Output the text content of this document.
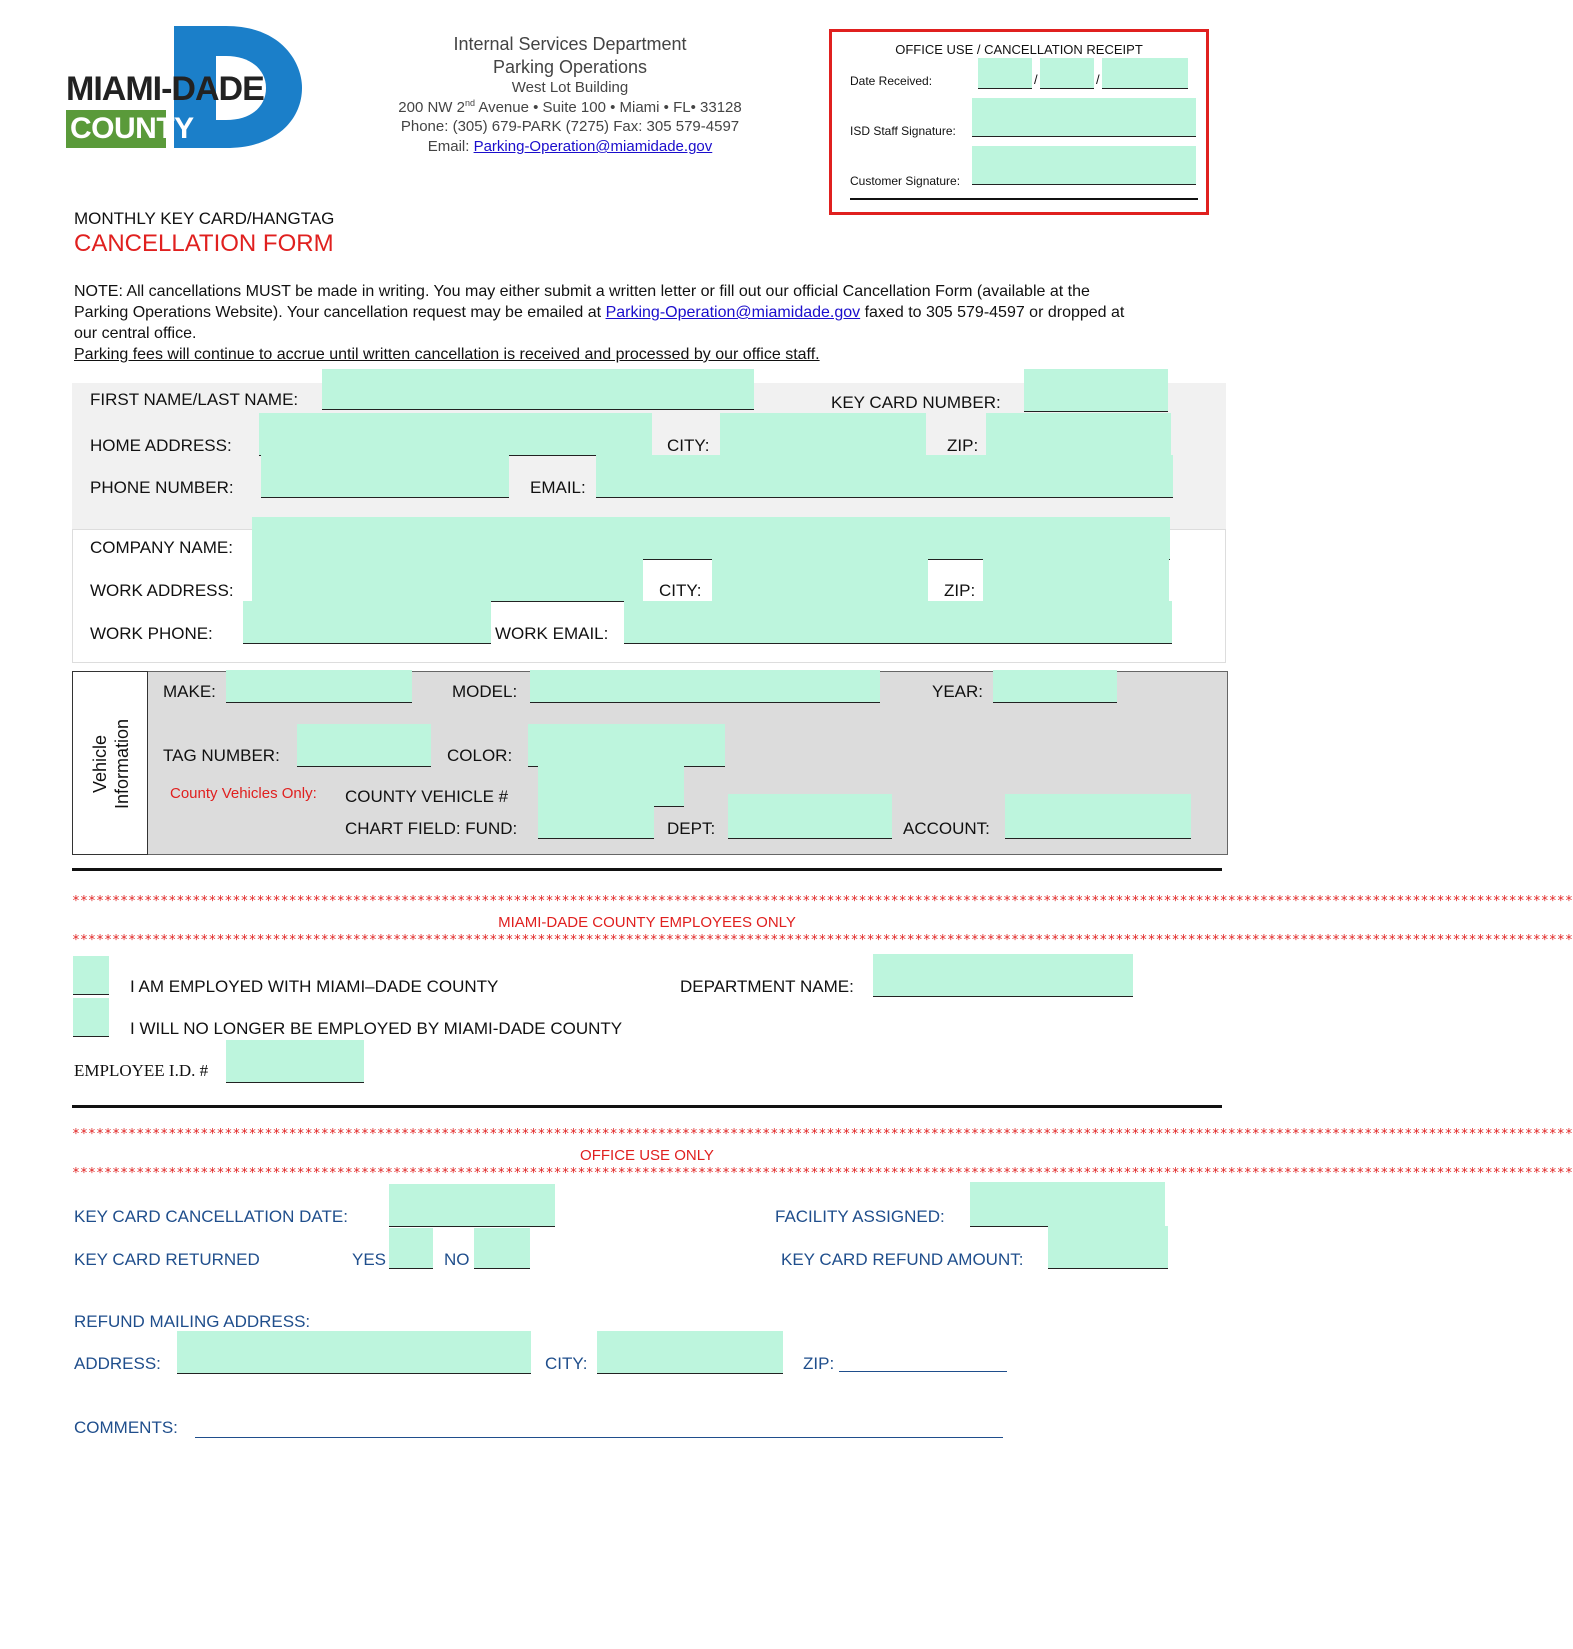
MIAMI-DADE
COUNTY
Internal Services Department
Parking Operations
West Lot Building
200 NW 2nd Avenue • Suite 100 • Miami • FL• 33128
Phone: (305) 679-PARK (7275) Fax: 305 579-4597
Email: Parking-Operation@miamidade.gov
OFFICE USE / CANCELLATION RECEIPT
Date Received:	/	/
ISD Staff Signature:
Customer Signature:
MONTHLY KEY CARD/HANGTAG
CANCELLATION FORM
NOTE: All cancellations MUST be made in writing. You may either submit a written letter or fill out our official Cancellation Form (available at the
Parking Operations Website). Your cancellation request may be emailed at Parking-Operation@miamidade.gov faxed to 305 579-4597 or dropped at
our central office.
Parking fees will continue to accrue until written cancellation is received and processed by our office staff.
FIRST NAME/LAST NAME:	KEY CARD NUMBER:
HOME ADDRESS:	CITY:	ZIP:
PHONE NUMBER:	EMAIL:
COMPANY NAME:
WORK ADDRESS:	CITY:	ZIP:
WORK PHONE:	WORK EMAIL:
Vehicle Information
MAKE:	MODEL:	YEAR:
TAG NUMBER:	COLOR:
County Vehicles Only: COUNTY VEHICLE #
CHART FIELD: FUND:	DEPT:	ACCOUNT:
*******************************************************************************************************************************************************************************************
MIAMI-DADE COUNTY EMPLOYEES ONLY
*******************************************************************************************************************************************************************************************
I AM EMPLOYED WITH MIAMI–DADE COUNTY	DEPARTMENT NAME:
I WILL NO LONGER BE EMPLOYED BY MIAMI-DADE COUNTY
EMPLOYEE I.D. #
*******************************************************************************************************************************************************************************************
OFFICE USE ONLY
*******************************************************************************************************************************************************************************************
KEY CARD CANCELLATION DATE:	FACILITY ASSIGNED:
KEY CARD RETURNED	YES	NO	KEY CARD REFUND AMOUNT:
REFUND MAILING ADDRESS:
ADDRESS:	CITY:	ZIP:
COMMENTS:
